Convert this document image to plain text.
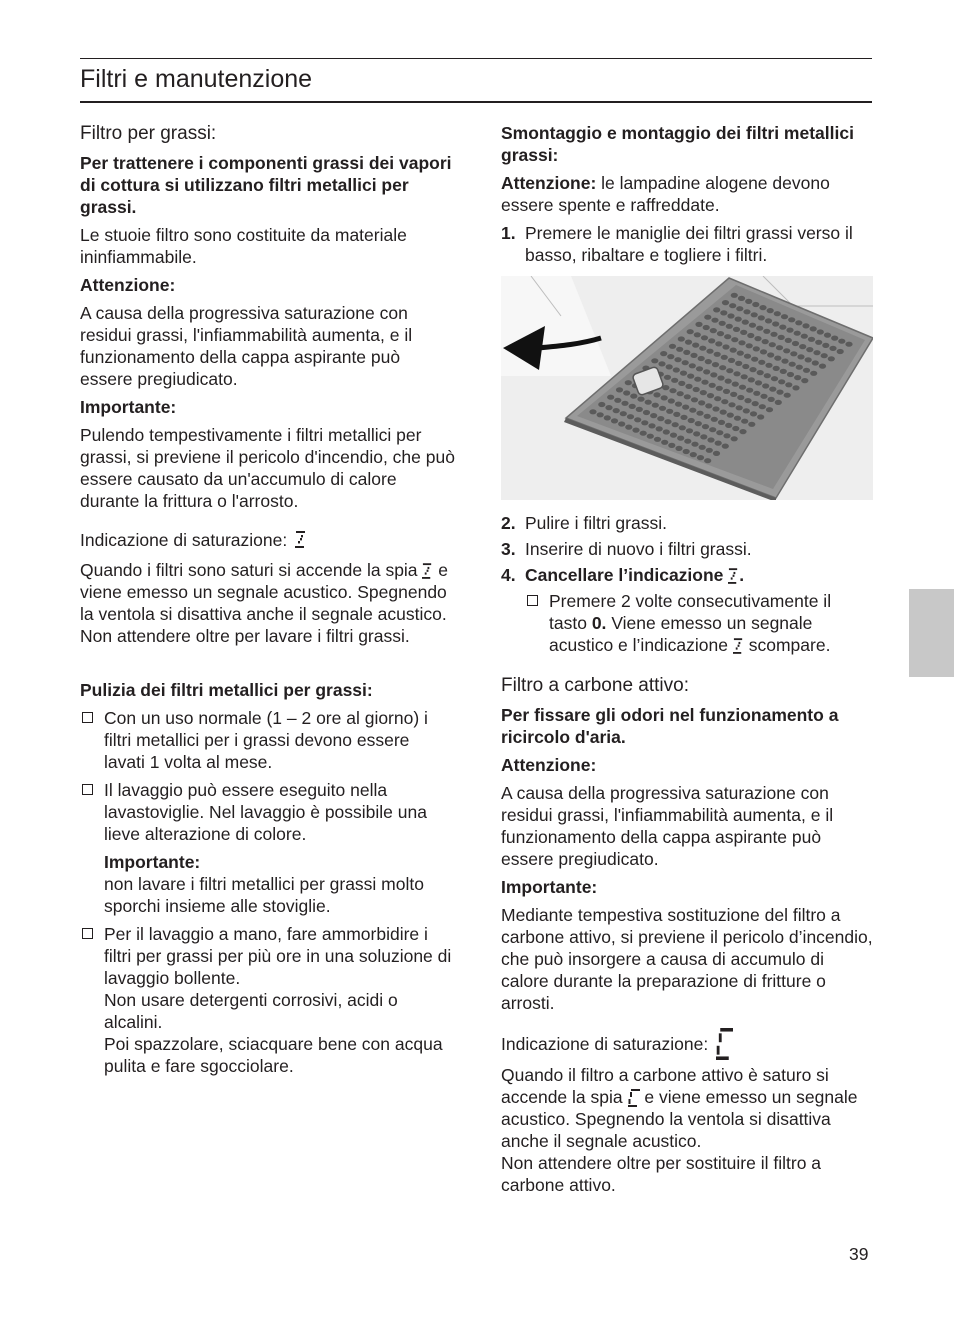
Filtri e manutenzione

Filtro per grassi:

Per trattenere i componenti grassi dei vapori di cottura si utilizzano filtri metallici per grassi.

Le stuoie filtro sono costituite da materiale ininfiammabile.

Attenzione:

A causa della progressiva saturazione con residui grassi, l'infiammabilità aumenta, e il funzionamento della cappa aspirante può essere pregiudicato.

Importante:

Pulendo tempestivamente i filtri metallici per grassi, si previene il pericolo d'incendio, che può essere causato da un'accumulo di calore durante la frittura o l'arrosto.

Indicazione di saturazione:

Quando i filtri sono saturi si accende la spia e viene emesso un segnale acustico. Spegnendo la ventola si disattiva anche il segnale acustico.

Non attendere oltre per lavare i filtri grassi.

Pulizia dei filtri metallici per grassi:

Con un uso normale (1 – 2 ore al giorno) i filtri metallici per i grassi devono essere lavati 1 volta al mese.
Il lavaggio può essere eseguito nella lavastoviglie. Nel lavaggio è possibile una lieve alterazione di colore.

Importante:

non lavare i filtri metallici per grassi molto sporchi insieme alle stoviglie.

Per il lavaggio a mano, fare ammorbidire i filtri per grassi per più ore in una soluzione di lavaggio bollente.
Non usare detergenti corrosivi, acidi o alcalini.
Poi spazzolare, sciacquare bene con acqua pulita e fare sgocciolare.

Smontaggio e montaggio dei filtri metallici grassi:

Attenzione: le lampadine alogene devono essere spente e raffreddate.

1. Premere le maniglie dei filtri grassi verso il basso, ribaltare e togliere i filtri.
2. Pulire i filtri grassi.
3. Inserire di nuovo i filtri grassi.
4. Cancellare l’indicazione .
Premere 2 volte consecutivamente il tasto 0. Viene emesso un segnale acustico e l’indicazione scompare.

Filtro a carbone attivo:

Per fissare gli odori nel funzionamento a ricircolo d'aria.

Attenzione:

A causa della progressiva saturazione con residui grassi, l'infiammabilità aumenta, e il funzionamento della cappa aspirante può essere pregiudicato.

Importante:

Mediante tempestiva sostituzione del filtro a carbone attivo, si previene il pericolo d’incendio, che può insorgere a causa di accumulo di calore durante la preparazione di fritture o arrosti.

Indicazione di saturazione:

Quando il filtro a carbone attivo è saturo si accende la spia e viene emesso un segnale acustico. Spegnendo la ventola si disattiva anche il segnale acustico.

Non attendere oltre per sostituire il filtro a carbone attivo.

39
